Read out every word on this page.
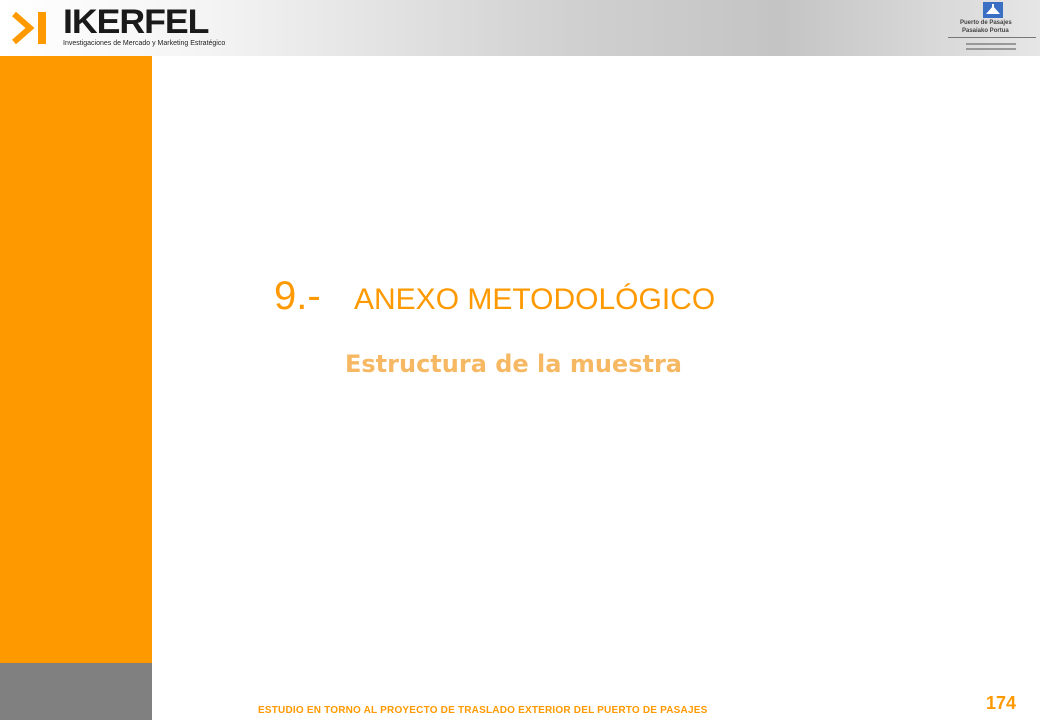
IKERFEL
Investigaciones de Mercado y Marketing Estratégico
Puerto de Pasajes
Pasaiako Portua
9.- ANEXO METODOLÓGICO
Estructura de la muestra
174
ESTUDIO EN TORNO AL PROYECTO DE TRASLADO EXTERIOR DEL PUERTO DE PASAJES
